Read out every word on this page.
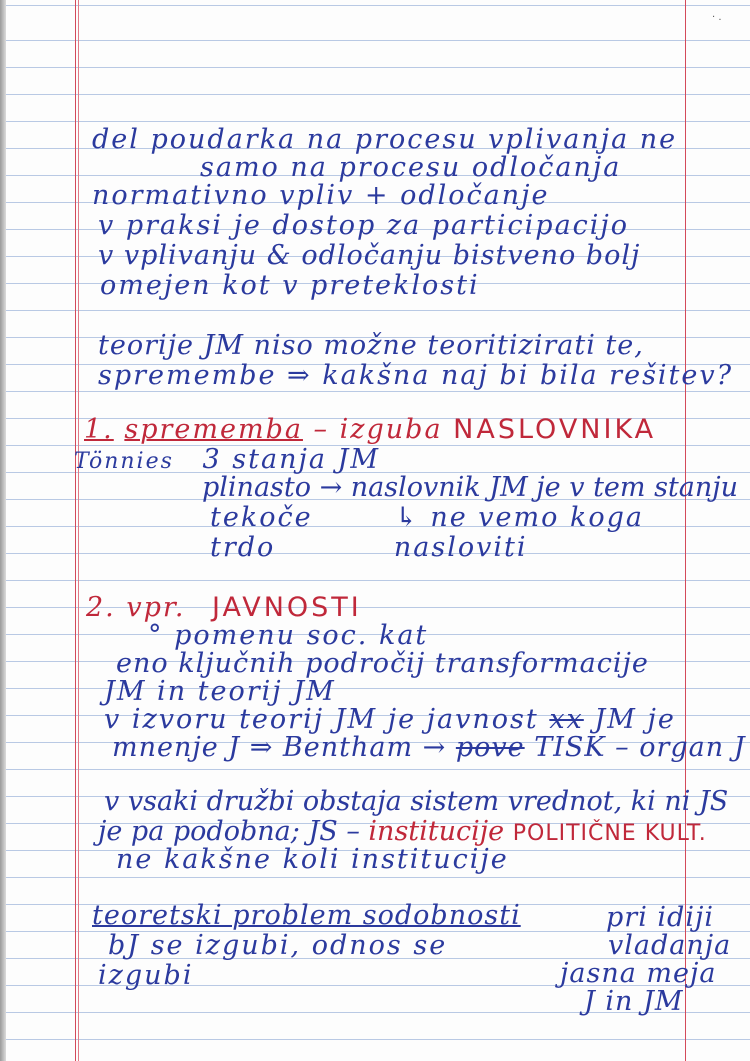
· .
del poudarka na procesu vplivanja ne
samo na procesu odločanja
normativno vpliv + odločanje
v praksi je dostop za participacijo
v vplivanju & odločanju bistveno bolj
omejen kot v preteklosti
teorije JM niso možne teoritizirati te,
spremembe ⇒ kakšna naj bi bila rešitev?
1. sprememba – izguba NASLOVNIKA
Tönnies 3 stanja JM
plinasto → naslovnik JM je v tem stanju
tekoče	↳ ne vemo koga
trdo	nasloviti
2. vpr. JAVNOSTI
° pomenu soc. kat
eno ključnih področij transformacije
JM in teorij JM
v izvoru teorij JM je javnost xx JM je
mnenje J ⇒ Bentham → pove TISK – organ J
v vsaki družbi obstaja sistem vrednot, ki ni JS
je pa podobna; JS – institucije POLITIČNE KULT.
ne kakšne koli institucije
teoretski problem sodobnosti
bJ se izgubi, odnos se
izgubi
pri idiji
vladanja
jasna meja
J in JM
